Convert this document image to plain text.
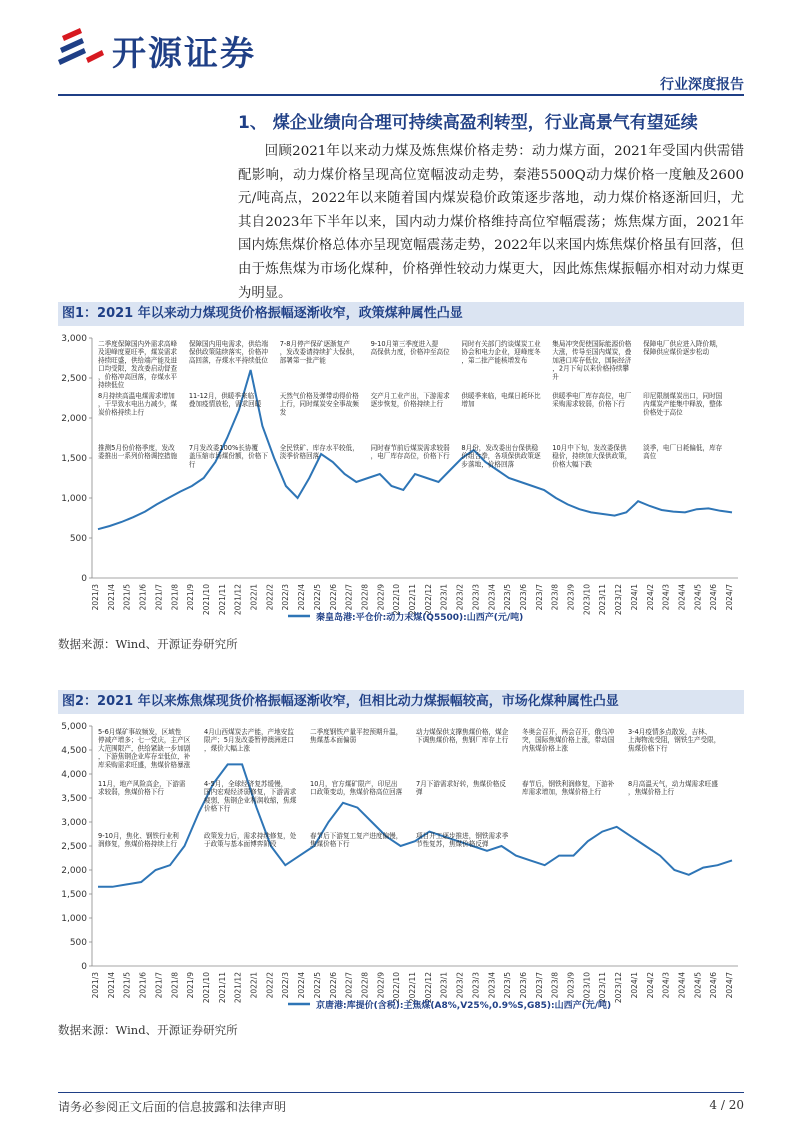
开源证券
行业深度报告
1、 煤企业绩向合理可持续高盈利转型，行业高景气有望延续
回顾2021年以来动力煤及炼焦煤价格走势：动力煤方面，2021年受国内供需错配影响，动力煤价格呈现高位宽幅波动走势，秦港5500Q动力煤价格一度触及2600元/吨高点，2022年以来随着国内煤炭稳价政策逐步落地，动力煤价格逐渐回归，尤其自2023年下半年以来，国内动力煤价格维持高位窄幅震荡；炼焦煤方面，2021年国内炼焦煤价格总体亦呈现宽幅震荡走势，2022年以来国内炼焦煤价格虽有回落，但由于炼焦煤为市场化煤种，价格弹性较动力煤更大，因此炼焦煤振幅亦相对动力煤更为明显。
图1：2021 年以来动力煤现货价格振幅逐渐收窄，政策煤种属性凸显
0
500
1,000
1,500
2,000
2,500
3,000
2021/3 2021/4 2021/5 2021/6 2021/7 2021/8 2021/9 2021/10 2021/11 2021/12 2022/1 2022/2 2022/3 2022/4 2022/5 2022/6 2022/7 2022/8 2022/9 2022/10 2022/11 2022/12 2023/1 2023/2 2023/3 2023/4 2023/5 2023/6 2023/7 2023/8 2023/9 2023/10 2023/11 2023/12 2024/1 2024/2 2024/3 2024/4 2024/5 2024/6 2024/7
秦皇岛港:平仓价:动力末煤(Q5500):山西产(元/吨)
二季度保障国内外需求高峰及迎峰度夏旺季，煤炭需求持续旺盛，供给端产能及进口均受限，发改委启动督查，价格冲高回落，存煤水平持续低位
保障国内用电需求，供给端保供政策陆续落实，价格冲高回落，存煤水平持续低位
7-8月停产保矿逐渐复产，发改委请持续扩大保供，部署第一批产能
9-10月第三季度进入提高保供力度，价格冲至高位
同时有关部门约谈煤炭工业协会和电力企业，迎峰度冬，第二批产能核增发布
集局冲突促使国际能源价格大涨，传导至国内煤炭，叠加港口库存低位，国际经济，2月下旬以来价格持续攀升
保障电厂供应进入降价期，保障供应煤价逐步松动
8月持续高温电煤需求增加，干旱致水电出力减少，煤炭价格持续上行
11-12月，供暖季来临叠加疫情放松，需求回暖
天然气价格及弹带动得价格上行，同时煤炭安全事故频发
交产月工业产出，下游需求逐步恢复，价格持续上行
供暖季来临，电煤日耗环比增加
供暖季电厂库存高位，电厂采购需求较弱，价格下行
印尼限制煤炭出口，同时国内煤炭产能集中释放，整体价格处于高位
推测5月份价格季度，发改委推出一系列价格调控措施
7月发改委100%长协覆盖压缩市场煤份额，价格下行
全民铁矿、库存水平较低，淡季价格回落
同时春节前后煤炭需求较弱，电厂库存高位，价格下行
8月份，发改委出台保供稳价组合拳，各项保供政策逐步落地，价格回落
10月中下旬，发改委保供稳价，持续加大保供政策，价格大幅下跌
淡季，电厂日耗偏低，库存高位
数据来源：Wind、开源证券研究所
图2：2021 年以来炼焦煤现货价格振幅逐渐收窄，但相比动力煤振幅较高，市场化煤种属性凸显
0
500
1,000
1,500
2,000
2,500
3,000
3,500
4,000
4,500
5,000
2021/3 2021/4 2021/5 2021/6 2021/7 2021/8 2021/9 2021/10 2021/11 2021/12 2022/1 2022/2 2022/3 2022/4 2022/5 2022/6 2022/7 2022/8 2022/9 2022/10 2022/11 2022/12 2023/1 2023/2 2023/3 2023/4 2023/5 2023/6 2023/7 2023/8 2023/9 2023/10 2023/11 2023/12 2024/1 2024/2 2024/3 2024/4 2024/5 2024/6 2024/7
京唐港:库提价(含税):主焦煤(A8%,V25%,0.9%S,G85):山西产(元/吨)
5-6月煤矿事故频发，区域性停减产增多；七一党庆，主产区大范围限产，供给紧缺一步加剧，下游焦钢企业库存至低位，补库采购需求旺盛，焦煤价格暴涨
4月山西煤炭去产能，产地安监限产；5月发改委暂停澳洲进口，煤价大幅上涨
二季度钢铁产量平控预期升温，焦煤基本面偏弱
动力煤保供支撑焦煤价格，煤企下调焦煤价格，焦钢厂库存上行
冬奥会召开，两会召开，俄乌冲突，国际焦煤价格上涨，带动国内焦煤价格上涨
3-4月疫情多点散发，吉林、上海物流受阻，钢铁生产受限，焦煤价格下行
11月，地产风险高企，下游需求较弱，焦煤价格下行
4-5月，全球经济复苏缓慢，国内宏观经济弱修复，下游需求疲弱，焦钢企业利润收缩，焦煤价格下行
10月，官方煤矿限产，印尼出口政策变动，焦煤价格高位回落
7月下游需求好转，焦煤价格反弹
春节后，钢铁利润修复，下游补库需求增加，焦煤价格上行
8月高温天气，动力煤需求旺盛，焦煤价格上行
9-10月，焦化、钢铁行业利润修复，焦煤价格持续上行
政策发力后，需求持续修复，处于政策与基本面博弈阶段
春节后下游复工复产进度偏慢，焦煤价格下行
项目开工逐步推进，钢铁需求季节性复苏，焦煤价格反弹
数据来源：Wind、开源证券研究所
请务必参阅正文后面的信息披露和法律声明	4 / 20
